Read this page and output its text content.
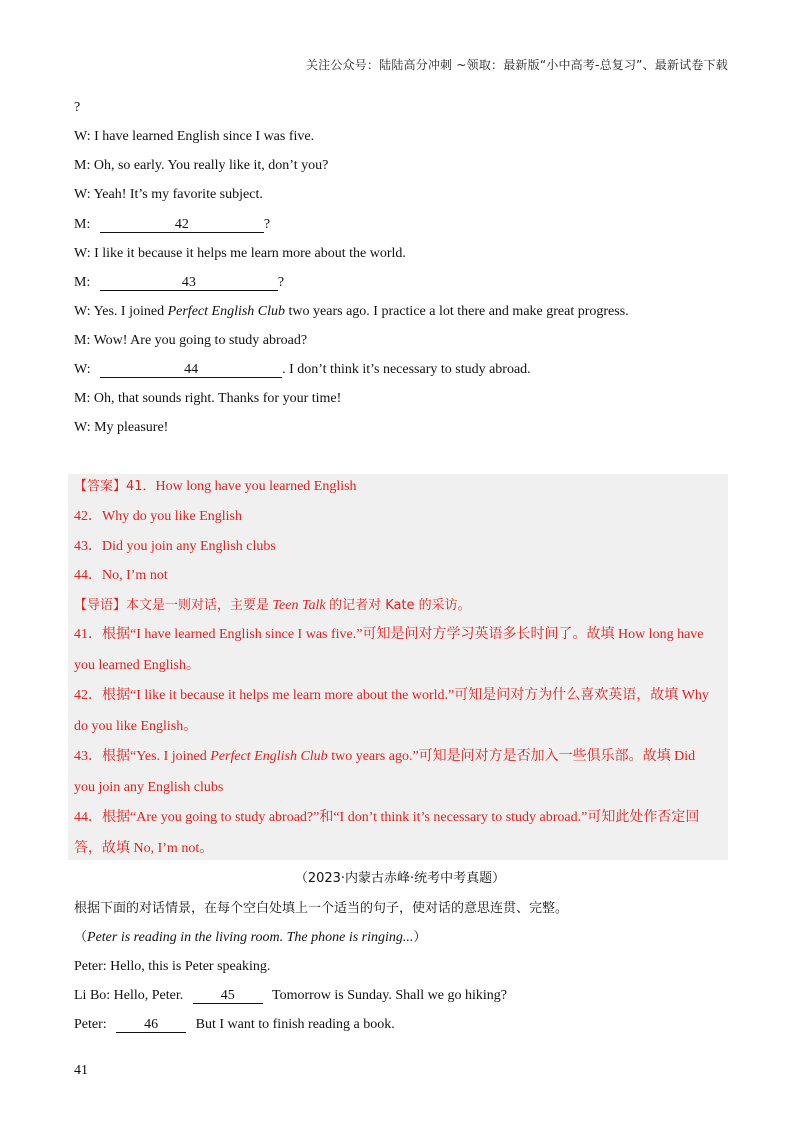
关注公众号：陆陆高分冲刺 ~领取：最新版“小中高考-总复习”、最新试卷下载
?
W: I have learned English since I was five.
M: Oh, so early. You really like it, don’t you?
W: Yeah! It’s my favorite subject.
M:	42	?
W: I like it because it helps me learn more about the world.
M:	43	?
W: Yes. I joined Perfect English Club two years ago. I practice a lot there and make great progress.
M: Wow! Are you going to study abroad?
W:	44	. I don’t think it’s necessary to study abroad.
M: Oh, that sounds right. Thanks for your time!
W: My pleasure!
【答案】41．How long have you learned English
42．Why do you like English
43．Did you join any English clubs
44．No, I’m not
【导语】本文是一则对话，主要是 Teen Talk 的记者对 Kate 的采访。
41．根据“I have learned English since I was five.”可知是问对方学习英语多长时间了。故填 How long have
you learned English。
42．根据“I like it because it helps me learn more about the world.”可知是问对方为什么喜欢英语，故填 Why
do you like English。
43．根据“Yes. I joined Perfect English Club two years ago.”可知是问对方是否加入一些俱乐部。故填 Did
you join any English clubs
44．根据“Are you going to study abroad?”和“I don’t think it’s necessary to study abroad.”可知此处作否定回
答，故填 No, I’m not。
（2023·内蒙古赤峰·统考中考真题）
根据下面的对话情景，在每个空白处填上一个适当的句子，使对话的意思连贯、完整。
（Peter is reading in the living room. The phone is ringing...）
Peter: Hello, this is Peter speaking.
Li Bo: Hello, Peter.	45	Tomorrow is Sunday. Shall we go hiking?
Peter:	46	But I want to finish reading a book.
41
